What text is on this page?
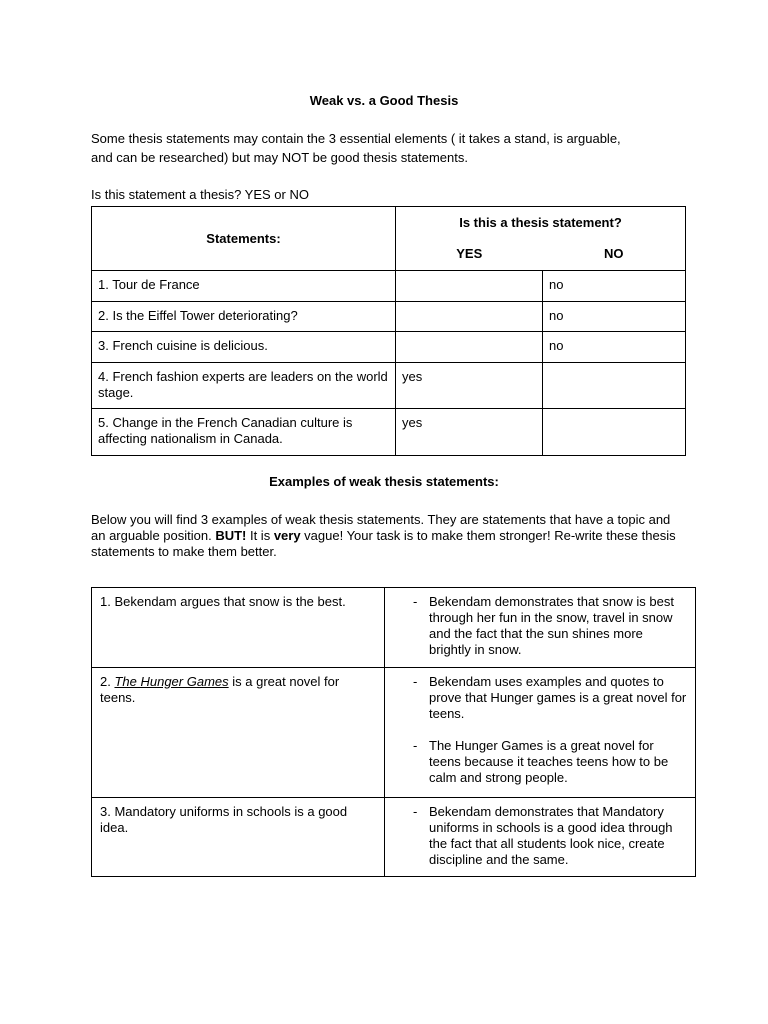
Weak vs. a Good Thesis
Some thesis statements may contain the 3 essential elements ( it takes a stand, is arguable,
and can be researched) but may NOT be good thesis statements.
Is this statement a thesis? YES or NO
Statements:	Is this a thesis statement?	
	YES	NO
1. Tour de France		no
2. Is the Eiffel Tower deteriorating?		no
3. French cuisine is delicious.		no
4. French fashion experts are leaders on the world stage.	yes	
5. Change in the French Canadian culture is affecting nationalism in Canada.	yes	
Examples of weak thesis statements:
Below you will find 3 examples of weak thesis statements. They are statements that have a topic and an arguable position. BUT! It is very vague! Your task is to make them stronger! Re-write these thesis statements to make them better.
1. Bekendam argues that snow is the best.	- Bekendam demonstrates that snow is best through her fun in the snow, travel in snow and the fact that the sun shines more brightly in snow.

2. The Hunger Games is a great novel for teens.	- Bekendam uses examples and quotes to prove that Hunger games is a great novel for teens.
- The Hunger Games is a great novel for teens because it teaches teens how to be calm and strong people.

3. Mandatory uniforms in schools is a good idea.	- Bekendam demonstrates that Mandatory uniforms in schools is a good idea through the fact that all students look nice, create discipline and the same.
